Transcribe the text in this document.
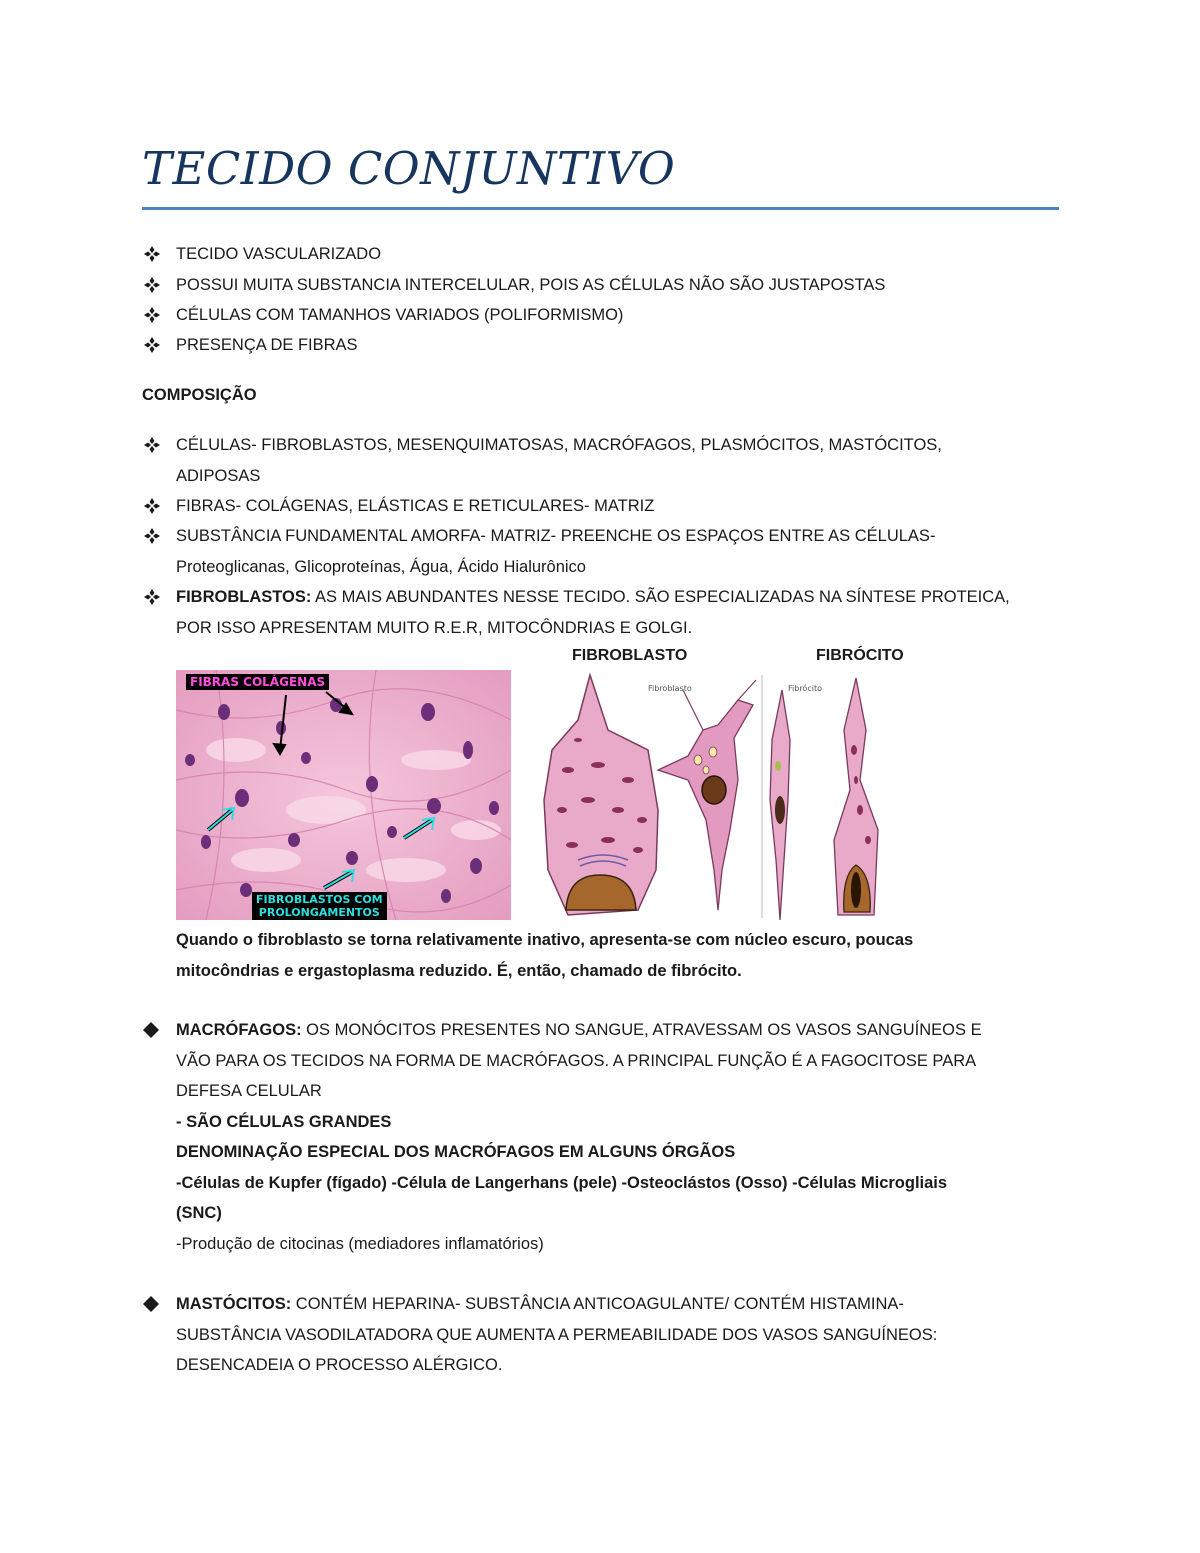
TECIDO CONJUNTIVO
TECIDO VASCULARIZADO
POSSUI MUITA SUBSTANCIA INTERCELULAR, POIS AS CÉLULAS NÃO SÃO JUSTAPOSTAS
CÉLULAS COM TAMANHOS VARIADOS (POLIFORMISMO)
PRESENÇA DE FIBRAS
COMPOSIÇÃO
CÉLULAS- FIBROBLASTOS, MESENQUIMATOSAS, MACRÓFAGOS, PLASMÓCITOS, MASTÓCITOS,
ADIPOSAS
FIBRAS- COLÁGENAS, ELÁSTICAS E RETICULARES- MATRIZ
SUBSTÂNCIA FUNDAMENTAL AMORFA- MATRIZ- PREENCHE OS ESPAÇOS ENTRE AS CÉLULAS-
Proteoglicanas, Glicoproteínas, Água, Ácido Hialurônico
FIBROBLASTOS: AS MAIS ABUNDANTES NESSE TECIDO. SÃO ESPECIALIZADAS NA SÍNTESE PROTEICA,
POR ISSO APRESENTAM MUITO R.E.R, MITOCÔNDRIAS E GOLGI.
FIBROBLASTO	FIBRÓCITO
FIBRAS COLÁGENAS
FIBROBLASTOS COM
PROLONGAMENTOS
Fibroblasto	Fibrócito
Quando o fibroblasto se torna relativamente inativo, apresenta-se com núcleo escuro, poucas
mitocôndrias e ergastoplasma reduzido. É, então, chamado de fibrócito.
MACRÓFAGOS: OS MONÓCITOS PRESENTES NO SANGUE, ATRAVESSAM OS VASOS SANGUÍNEOS E
VÃO PARA OS TECIDOS NA FORMA DE MACRÓFAGOS. A PRINCIPAL FUNÇÃO É A FAGOCITOSE PARA
DEFESA CELULAR
- SÃO CÉLULAS GRANDES
DENOMINAÇÃO ESPECIAL DOS MACRÓFAGOS EM ALGUNS ÓRGÃOS
-Células de Kupfer (fígado) -Célula de Langerhans (pele) -Osteoclástos (Osso) -Células Microgliais
(SNC)
-Produção de citocinas (mediadores inflamatórios)
MASTÓCITOS: CONTÉM HEPARINA- SUBSTÂNCIA ANTICOAGULANTE/ CONTÉM HISTAMINA-
SUBSTÂNCIA VASODILATADORA QUE AUMENTA A PERMEABILIDADE DOS VASOS SANGUÍNEOS:
DESENCADEIA O PROCESSO ALÉRGICO.
